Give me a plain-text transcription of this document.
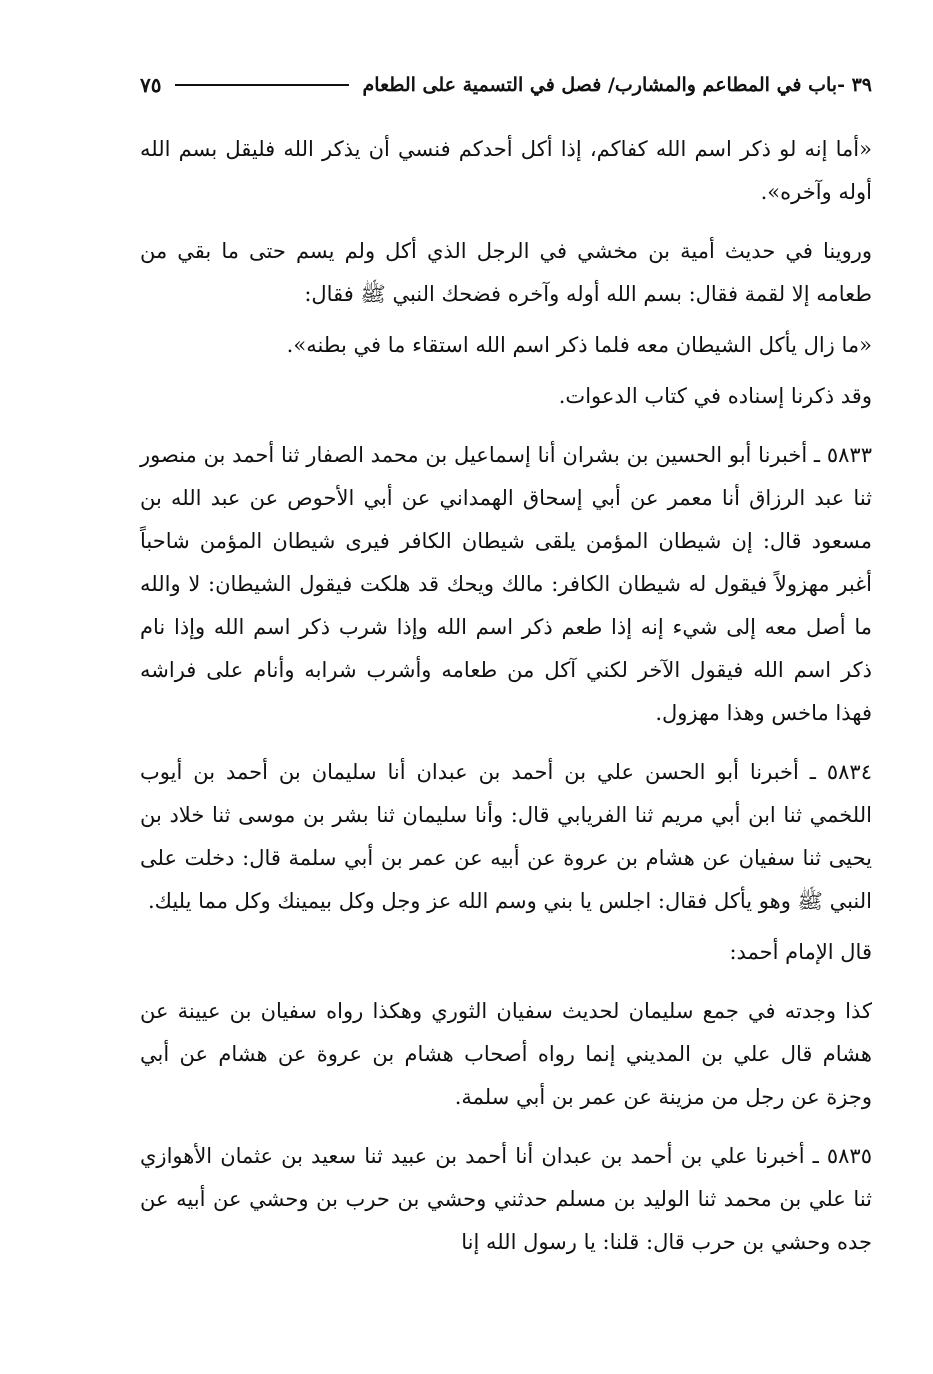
٣٩ -باب في المطاعم والمشارب/ فصل في التسمية على الطعام
٧٥

«أما إنه لو ذكر اسم الله كفاكم، إذا أكل أحدكم فنسي أن يذكر الله فليقل بسم الله أوله وآخره».

وروينا في حديث أمية بن مخشي في الرجل الذي أكل ولم يسم حتى ما بقي من طعامه إلا لقمة فقال: بسم الله أوله وآخره فضحك النبي ﷺ فقال:

«ما زال يأكل الشيطان معه فلما ذكر اسم الله استقاء ما في بطنه».

وقد ذكرنا إسناده في كتاب الدعوات.

٥٨٣٣ ـ أخبرنا أبو الحسين بن بشران أنا إسماعيل بن محمد الصفار ثنا أحمد بن منصور ثنا عبد الرزاق أنا معمر عن أبي إسحاق الهمداني عن أبي الأحوص عن عبد الله بن مسعود قال: إن شيطان المؤمن يلقى شيطان الكافر فيرى شيطان المؤمن شاحباً أغبر مهزولاً فيقول له شيطان الكافر: مالك ويحك قد هلكت فيقول الشيطان: لا والله ما أصل معه إلى شيء إنه إذا طعم ذكر اسم الله وإذا شرب ذكر اسم الله وإذا نام ذكر اسم الله فيقول الآخر لكني آكل من طعامه وأشرب شرابه وأنام على فراشه فهذا ماخس وهذا مهزول.

٥٨٣٤ ـ أخبرنا أبو الحسن علي بن أحمد بن عبدان أنا سليمان بن أحمد بن أيوب اللخمي ثنا ابن أبي مريم ثنا الفريابي قال: وأنا سليمان ثنا بشر بن موسى ثنا خلاد بن يحيى ثنا سفيان عن هشام بن عروة عن أبيه عن عمر بن أبي سلمة قال: دخلت على النبي ﷺ وهو يأكل فقال: اجلس يا بني وسم الله عز وجل وكل بيمينك وكل مما يليك.

قال الإمام أحمد:

كذا وجدته في جمع سليمان لحديث سفيان الثوري وهكذا رواه سفيان بن عيينة عن هشام قال علي بن المديني إنما رواه أصحاب هشام بن عروة عن هشام عن أبي وجزة عن رجل من مزينة عن عمر بن أبي سلمة.

٥٨٣٥ ـ أخبرنا علي بن أحمد بن عبدان أنا أحمد بن عبيد ثنا سعيد بن عثمان الأهوازي ثنا علي بن محمد ثنا الوليد بن مسلم حدثني وحشي بن حرب بن وحشي عن أبيه عن جده وحشي بن حرب قال: قلنا: يا رسول الله إنا
